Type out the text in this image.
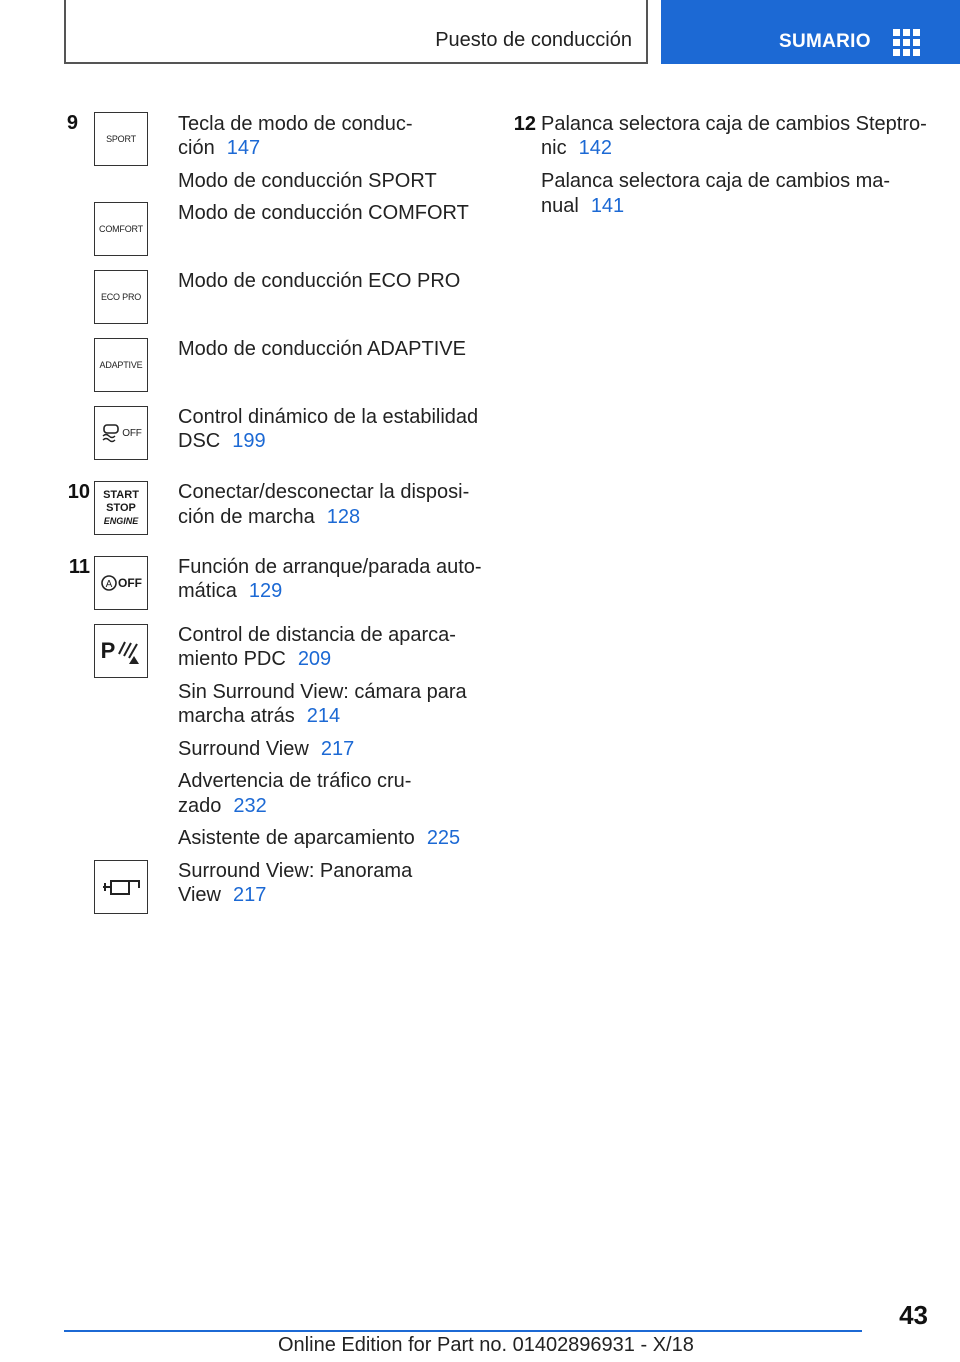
Puesto de conducción	SUMARIO
9
SPORT
Tecla de modo de conduc-
ción 147
Modo de conducción SPORT
COMFORT
Modo de conducción COMFORT
ECO PRO
Modo de conducción ECO PRO
ADAPTIVE
Modo de conducción ADAPTIVE
OFF
Control dinámico de la estabilidad
DSC 199
10 START
STOP
ENGINE
Conectar/desconectar la disposi-
ción de marcha 128
11
A OFF
Función de arranque/parada auto-
mática 129
P
Control de distancia de aparca-
miento PDC 209
Sin Surround View: cámara para
marcha atrás 214
Surround View 217
Advertencia de tráfico cru-
zado 232
Asistente de aparcamiento 225
Surround View: Panorama
View 217
12 Palanca selectora caja de cambios Steptro-
nic 142
Palanca selectora caja de cambios ma-
nual 141
43
Online Edition for Part no. 01402896931 - X/18
